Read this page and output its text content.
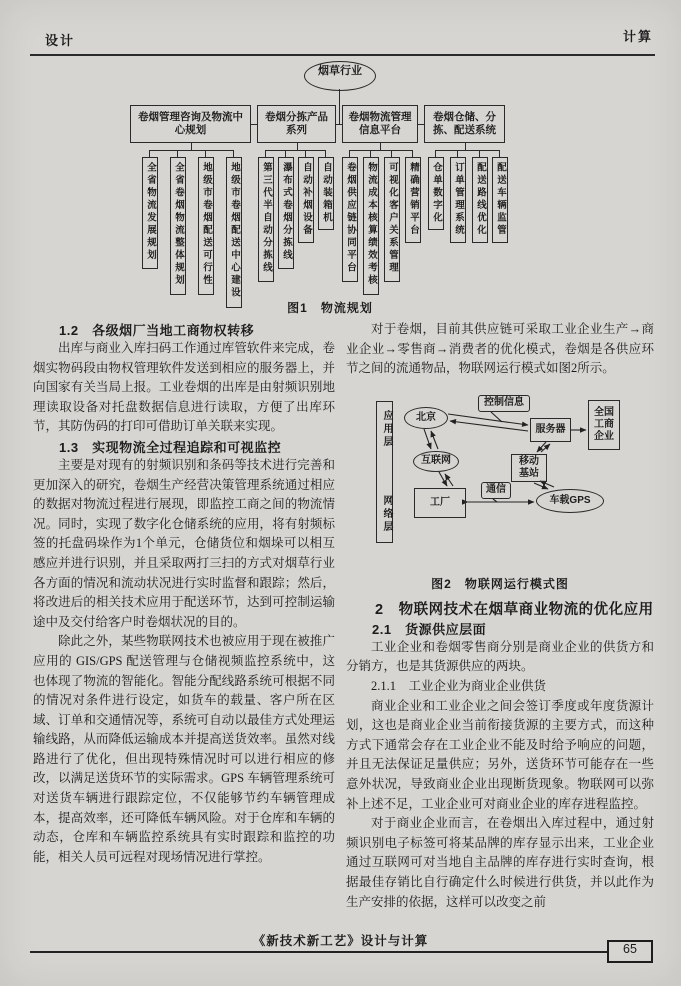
设计	计算
烟草行业
卷烟管理咨询及物流中心规划
卷烟分拣产品系列
卷烟物流管理信息平台
卷烟仓储、分拣、配送系统
全省物流发展规划	全省卷烟物流整体规划	地级市卷烟配送可行性	地级市卷烟配送中心建设	第三代半自动分拣线 瀑布式卷烟分拣线 自动补烟设备 自动装箱机	卷烟供应链协同平台	物流成本核算绩效考核	可视化客户关系管理	精确营销平台	仓单数字化	订单管理系统	配送路线优化 配送车辆监管
图1　物流规划

1.2　各级烟厂当地工商物权转移

出库与商业入库扫码工作通过库管软件来完成，卷烟实物码段由物权管理软件发送到相应的服务器上，并向国家有关当局上报。工业卷烟的出库是由射频识别地理读取设备对托盘数据信息进行读取，方便了出库环节，其防伪码的打印可借助订单关联来实现。

1.3　实现物流全过程追踪和可视监控

主要是对现有的射频识别和条码等技术进行完善和更加深入的研究，卷烟生产经营决策管理系统通过相应的数据对物流过程进行展现，即监控工商之间的物流情况。同时，实现了数字化仓储系统的应用，将有射频标签的托盘码垛作为1个单元，仓储货位和烟垛可以相互感应并进行识别，并且采取两打三扫的方式对烟草行业各方面的情况和流动状况进行实时监督和跟踪；然后，将改进后的相关技术应用于配送环节，达到可控制运输途中及交付给客户时卷烟状况的目的。

除此之外，某些物联网技术也被应用于现在被推广应用的 GIS/GPS 配送管理与仓储视频监控系统中，这也体现了物流的智能化。智能分配线路系统可根据不同的情况对条件进行设定，如货车的载量、客户所在区域、订单和交通情况等，系统可自动以最佳方式处理运输线路，从而降低运输成本并提高送货效率。虽然对线路进行了优化，但出现特殊情况时可以进行相应的修改，以满足送货环节的实际需求。GPS 车辆管理系统可对送货车辆进行跟踪定位，不仅能够节约车辆管理成本，提高效率，还可降低车辆风险。对于仓库和车辆的动态，仓库和车辆监控系统具有实时跟踪和监控的功能，相关人员可远程对现场情况进行掌控。

对于卷烟，目前其供应链可采取工业企业生产→商业企业→零售商→消费者的优化模式，卷烟是各供应环节之间的流通物品，物联网运行模式如图2所示。

应用层
网络层
北京
控制信息
服务器
全国工商企业
互联网	移动基站
工厂
通信
车载GPS
图2　物联网运行模式图

2　物联网技术在烟草商业物流的优化应用

2.1　货源供应层面

工业企业和卷烟零售商分别是商业企业的供货方和分销方，也是其货源供应的两块。

2.1.1　工业企业为商业企业供货

商业企业和工业企业之间会签订季度或年度货源计划，这也是商业企业当前衔接货源的主要方式，而这种方式下通常会存在工业企业不能及时给予响应的问题，并且无法保证足量供应；另外，送货环节可能存在一些意外状况，导致商业企业出现断货现象。物联网可以弥补上述不足，工业企业可对商业企业的库存进程监控。

对于商业企业而言，在卷烟出入库过程中，通过射频识别电子标签可将某品牌的库存显示出来，工业企业通过互联网可对当地自主品牌的库存进行实时查询，根据最佳存销比自行确定什么时候进行供货，并以此作为生产安排的依据，这样可以改变之前

《新技术新工艺》设计与计算
65
